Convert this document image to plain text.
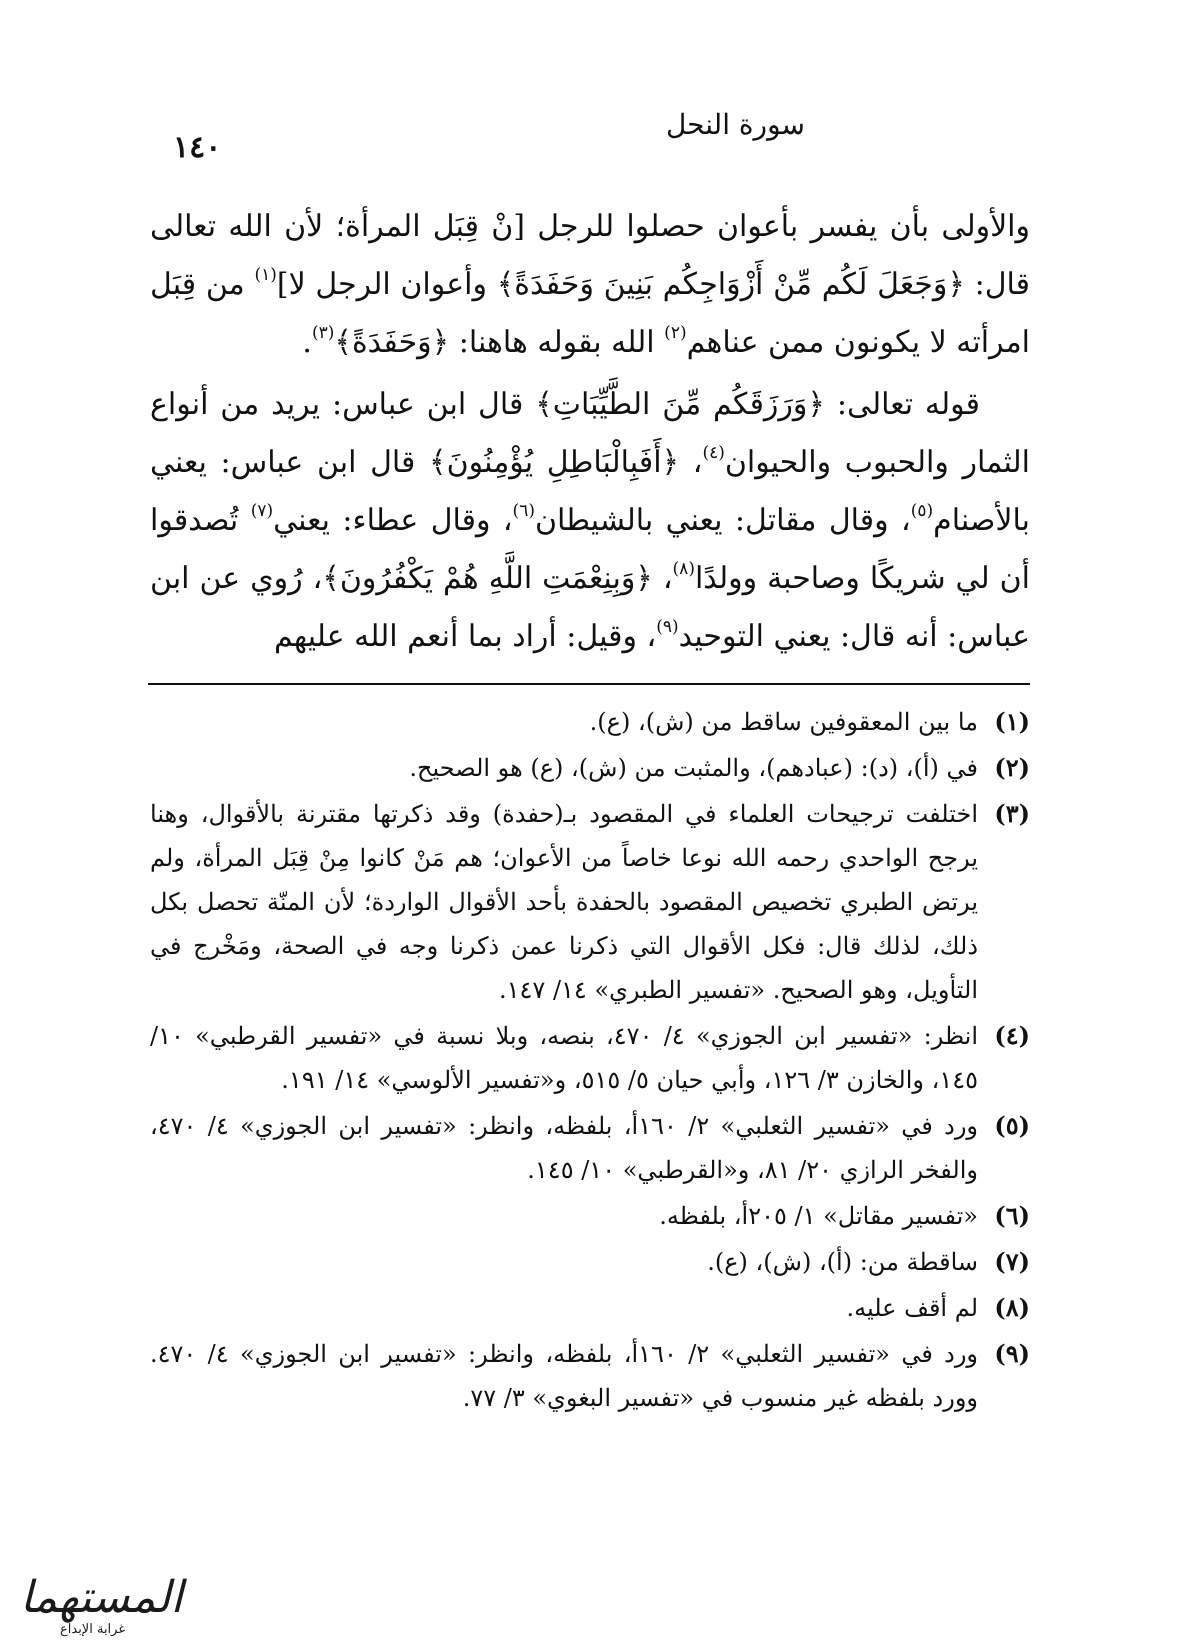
سورة النحل
١٤٠

والأولى بأن يفسر بأعوان حصلوا للرجل [نْ قِبَل المرأة؛ لأن الله تعالى قال: ﴿وَجَعَلَ لَكُم مِّنْ أَزْوَاجِكُم بَنِينَ وَحَفَدَةً﴾ وأعوان الرجل لا]$^{(١)}$ من قِبَل امرأته لا يكونون ممن عناهم$^{(٢)}$ الله بقوله هاهنا: ﴿وَحَفَدَةً﴾$^{(٣)}$.

قوله تعالى: ﴿وَرَزَقَكُم مِّنَ الطَّيِّبَاتِ﴾ قال ابن عباس: يريد من أنواع الثمار والحبوب والحيوان$^{(٤)}$، ﴿أَفَبِالْبَاطِلِ يُؤْمِنُونَ﴾ قال ابن عباس: يعني بالأصنام$^{(٥)}$، وقال مقاتل: يعني بالشيطان$^{(٦)}$، وقال عطاء: يعني$^{(٧)}$ تُصدقوا أن لي شريكًا وصاحبة وولدًا$^{(٨)}$، ﴿وَبِنِعْمَتِ اللَّهِ هُمْ يَكْفُرُونَ﴾، رُوي عن ابن عباس: أنه قال: يعني التوحيد$^{(٩)}$، وقيل: أراد بما أنعم الله عليهم

(١)
ما بين المعقوفين ساقط من (ش)، (ع).
(٢)
في (أ)، (د): (عبادهم)، والمثبت من (ش)، (ع) هو الصحيح.
(٣)
اختلفت ترجيحات العلماء في المقصود بـ(حفدة) وقد ذكرتها مقترنة بالأقوال، وهنا يرجح الواحدي رحمه الله نوعا خاصاً من الأعوان؛ هم مَنْ كانوا مِنْ قِبَل المرأة، ولم يرتض الطبري تخصيص المقصود بالحفدة بأحد الأقوال الواردة؛ لأن المنّة تحصل بكل ذلك، لذلك قال: فكل الأقوال التي ذكرنا عمن ذكرنا وجه في الصحة، ومَخْرج في التأويل، وهو الصحيح. «تفسير الطبري» ١٤/ ١٤٧.
(٤)
انظر: «تفسير ابن الجوزي» ٤/ ٤٧٠، بنصه، وبلا نسبة في «تفسير القرطبي» ١٠/ ١٤٥، والخازن ٣/ ١٢٦، وأبي حيان ٥/ ٥١٥، و«تفسير الألوسي» ١٤/ ١٩١.
(٥)
ورد في «تفسير الثعلبي» ٢/ ١٦٠أ، بلفظه، وانظر: «تفسير ابن الجوزي» ٤/ ٤٧٠، والفخر الرازي ٢٠/ ٨١، و«القرطبي» ١٠/ ١٤٥.
(٦)
«تفسير مقاتل» ١/ ٢٠٥أ، بلفظه.
(٧)
ساقطة من: (أ)، (ش)، (ع).
(٨)
لم أقف عليه.
(٩)
ورد في «تفسير الثعلبي» ٢/ ١٦٠أ، بلفظه، وانظر: «تفسير ابن الجوزي» ٤/ ٤٧٠. وورد بلفظه غير منسوب في «تفسير البغوي» ٣/ ٧٧.
المستهما
غرابة الإبداع
